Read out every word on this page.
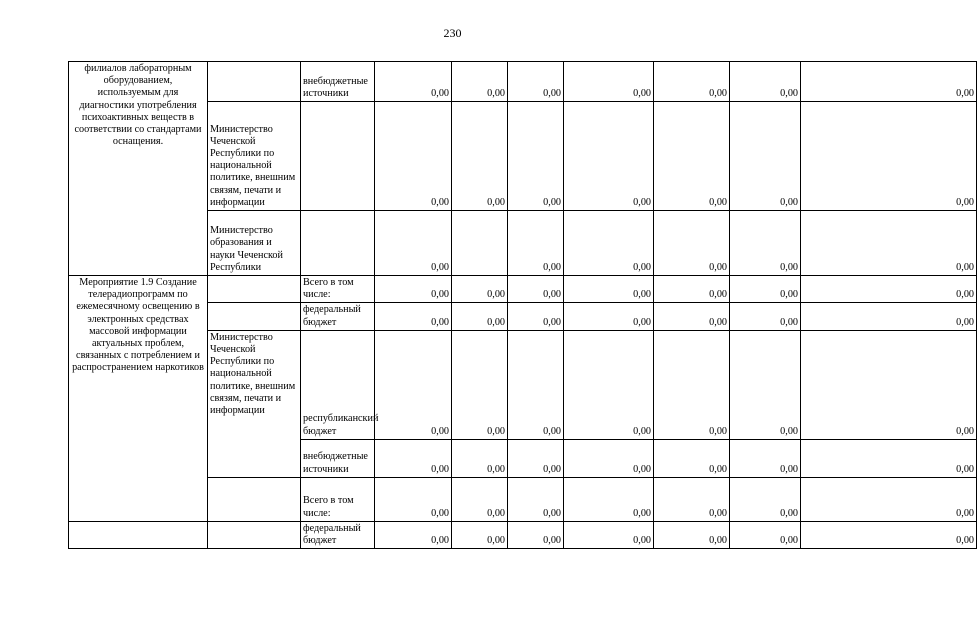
230
филиалов лабораторным оборудованием, используемым для диагностики употребления психоактивных веществ в соответствии со стандартами оснащения.		внебюджетные источники	0,00	0,00	0,00	0,00	0,00	0,00	0,00
	Министерство Чеченской Республики по национальной политике, внешним связям, печати и информации		0,00	0,00	0,00	0,00	0,00	0,00	0,00
	Министерство образования и науки Чеченской Республики		0,00		0,00	0,00	0,00	0,00	0,00
Мероприятие 1.9 Создание телерадиопрограмм по ежемесячному освещению в электронных средствах массовой информации актуальных проблем, связанных с потреблением и распространением наркотиков		Всего в том числе:	0,00	0,00	0,00	0,00	0,00	0,00	0,00
		федеральный бюджет	0,00	0,00	0,00	0,00	0,00	0,00	0,00
	Министерство Чеченской Республики по национальной политике, внешним связям, печати и информации	республиканский бюджет	0,00	0,00	0,00	0,00	0,00	0,00	0,00
		внебюджетные источники	0,00	0,00	0,00	0,00	0,00	0,00	0,00
		Всего в том числе:	0,00	0,00	0,00	0,00	0,00	0,00	0,00
		федеральный бюджет	0,00	0,00	0,00	0,00	0,00	0,00	0,00
